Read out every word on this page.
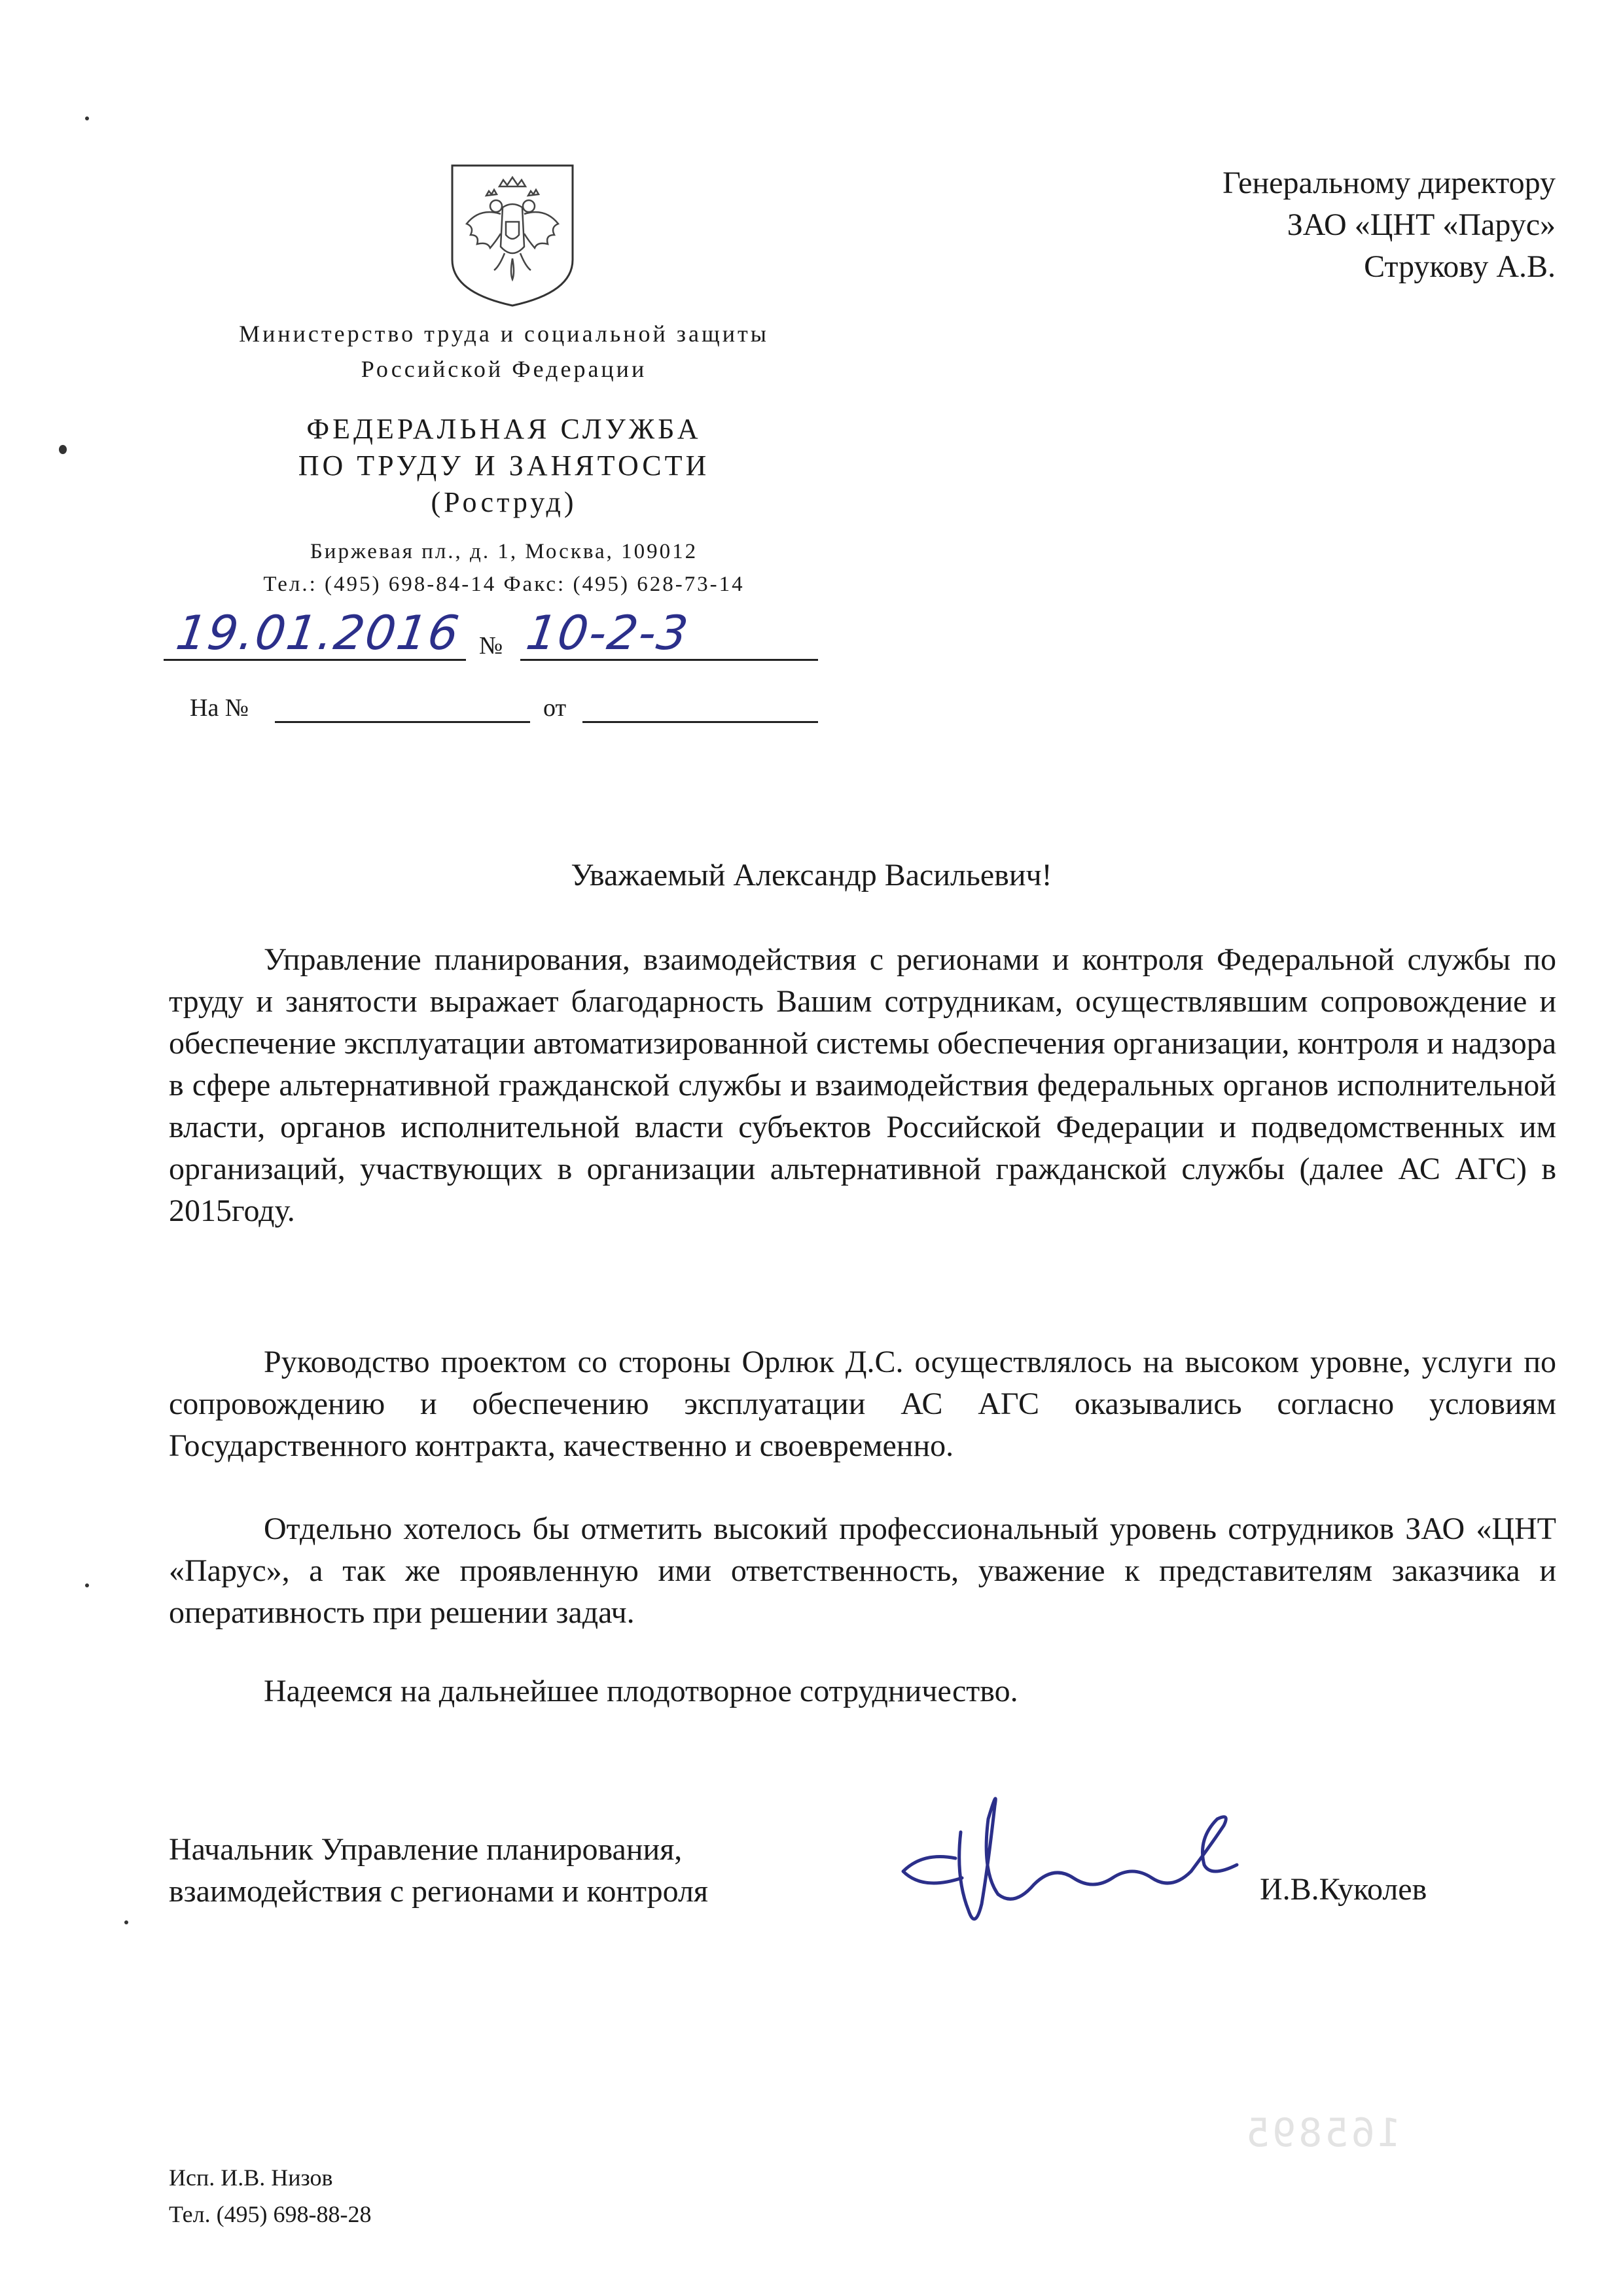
Министерство труда и социальной защиты
Российской Федерации
ФЕДЕРАЛЬНАЯ СЛУЖБА
ПО ТРУДУ И ЗАНЯТОСТИ
(Роструд)
Биржевая пл., д. 1, Москва, 109012
Тел.: (495) 698-84-14 Факс: (495) 628-73-14
19.01.2016 № 10-2-3
На №	от
Генеральному директору
ЗАО «ЦНТ «Парус»
Струкову А.В.
Уважаемый Александр Васильевич!
Управление планирования, взаимодействия с регионами и контроля Федеральной службы по труду и занятости выражает благодарность Вашим сотрудникам, осуществлявшим сопровождение и обеспечение эксплуатации автоматизированной системы обеспечения организации, контроля и надзора в сфере альтернативной гражданской службы и взаимодействия федеральных органов исполнительной власти, органов исполнительной власти субъектов Российской Федерации и подведомственных им организаций, участвующих в организации альтернативной гражданской службы (далее АС АГС) в 2015году.
Руководство проектом со стороны Орлюк Д.С. осуществлялось на высоком уровне, услуги по сопровождению и обеспечению эксплуатации АС АГС оказывались согласно условиям Государственного контракта, качественно и своевременно.
Отдельно хотелось бы отметить высокий профессиональный уровень сотрудников ЗАО «ЦНТ «Парус», а так же проявленную ими ответственность, уважение к представителям заказчика и оперативность при решении задач.
Надеемся на дальнейшее плодотворное сотрудничество.
Начальник Управление планирования,
взаимодействия с регионами и контроля	И.В.Куколев
165895
Исп. И.В. Низов
Тел. (495) 698-88-28
